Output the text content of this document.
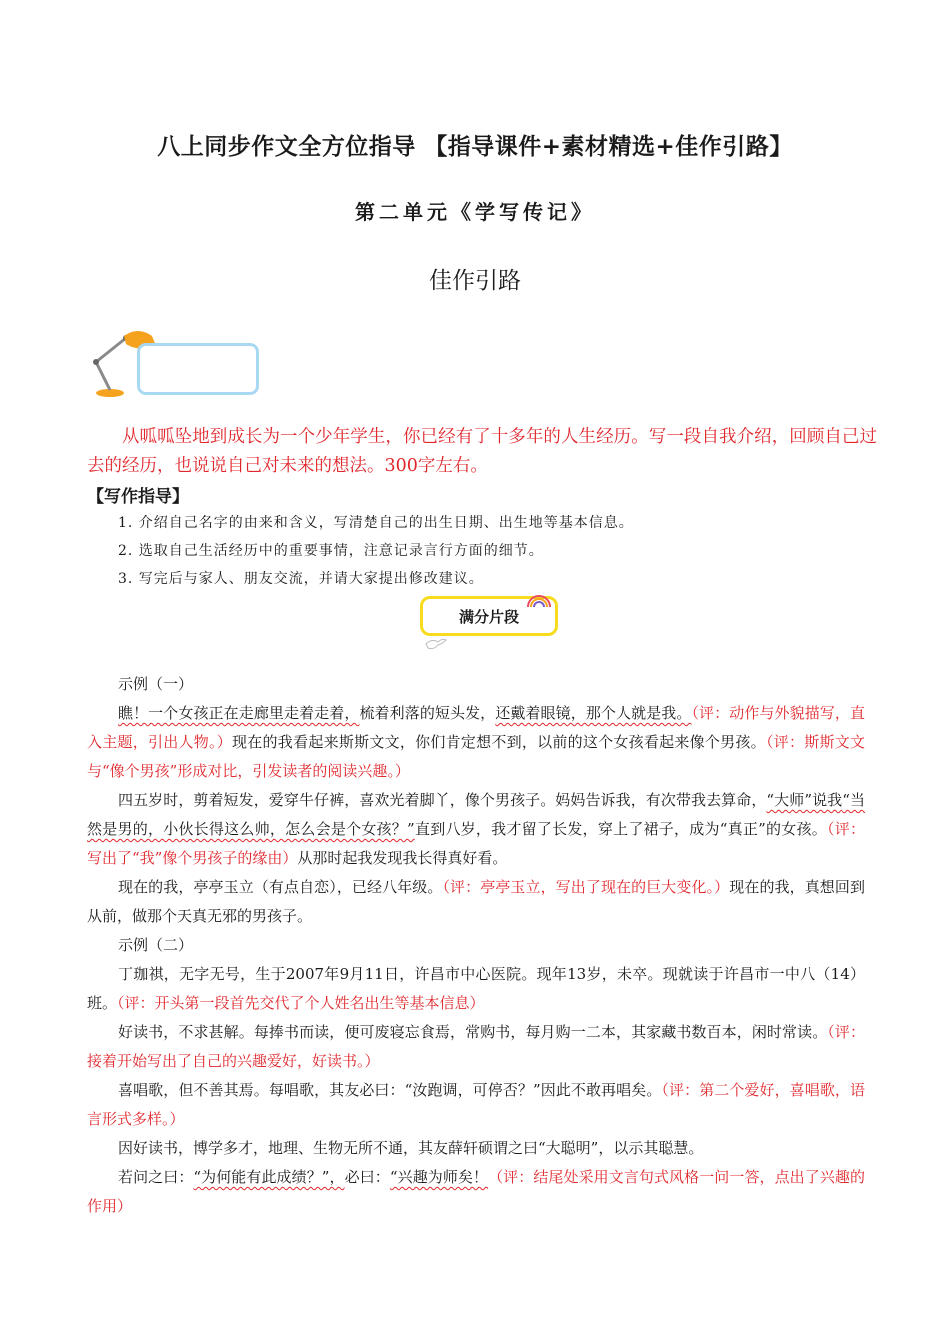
八上同步作文全方位指导 【指导课件+素材精选+佳作引路】
第二单元《学写传记》
佳作引路
从呱呱坠地到成长为一个少年学生，你已经有了十多年的人生经历。写一段自我介绍，回顾自己过去的经历，也说说自己对未来的想法。300字左右。
【写作指导】
1. 介绍自己名字的由来和含义，写清楚自己的出生日期、出生地等基本信息。
2. 选取自己生活经历中的重要事情，注意记录言行方面的细节。
3. 写完后与家人、朋友交流，并请大家提出修改建议。
满分片段

示例（一）

瞧！一个女孩正在走廊里走着走着，梳着利落的短头发，还戴着眼镜，那个人就是我。（评：动作与外貌描写，直入主题，引出人物。）现在的我看起来斯斯文文，你们肯定想不到，以前的这个女孩看起来像个男孩。（评：斯斯文文与“像个男孩”形成对比，引发读者的阅读兴趣。）

四五岁时，剪着短发，爱穿牛仔裤，喜欢光着脚丫，像个男孩子。妈妈告诉我，有次带我去算命，“大师”说我“当然是男的，小伙长得这么帅，怎么会是个女孩？”直到八岁，我才留了长发，穿上了裙子，成为“真正”的女孩。（评：写出了“我”像个男孩子的缘由）从那时起我发现我长得真好看。

现在的我，亭亭玉立（有点自恋），已经八年级。（评：亭亭玉立，写出了现在的巨大变化。）现在的我，真想回到从前，做那个天真无邪的男孩子。

示例（二）

丁珈祺，无字无号，生于2007年9月11日，许昌市中心医院。现年13岁，未卒。现就读于许昌市一中八（14）班。（评：开头第一段首先交代了个人姓名出生等基本信息）

好读书，不求甚解。每捧书而读，便可废寝忘食焉，常购书，每月购一二本，其家藏书数百本，闲时常读。（评：接着开始写出了自己的兴趣爱好，好读书。）

喜唱歌，但不善其焉。每唱歌，其友必曰：“汝跑调，可停否？”因此不敢再唱矣。（评：第二个爱好，喜唱歌，语言形式多样。）

因好读书，博学多才，地理、生物无所不通，其友薛轩硕谓之曰“大聪明”，以示其聪慧。

若问之曰：“为何能有此成绩？”，必曰：“兴趣为师矣！（评：结尾处采用文言句式风格一问一答，点出了兴趣的作用）
